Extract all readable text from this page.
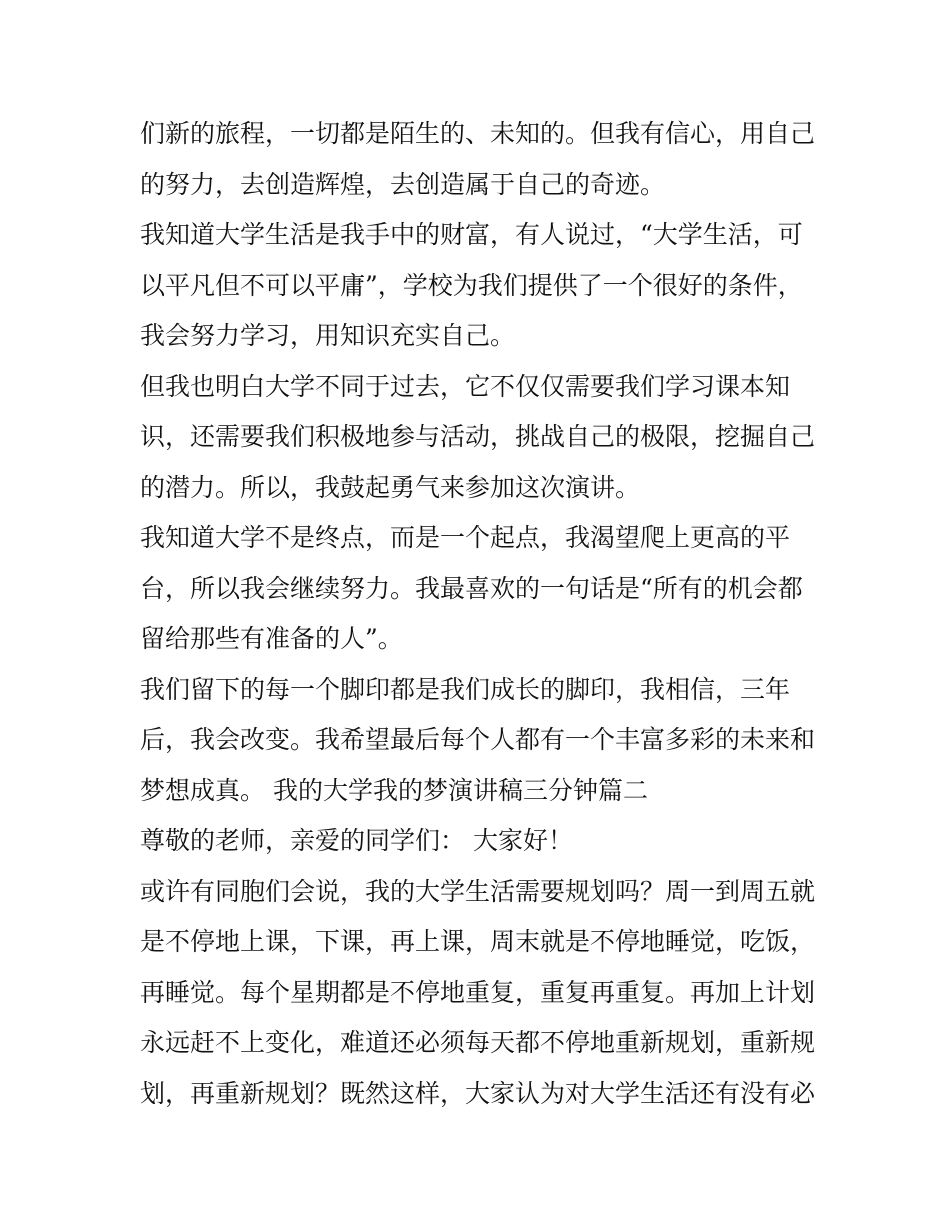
们新的旅程，一切都是陌生的、未知的。但我有信心，用自己
的努力，去创造辉煌，去创造属于自己的奇迹。
我知道大学生活是我手中的财富，有人说过，“大学生活，可
以平凡但不可以平庸”，学校为我们提供了一个很好的条件，
我会努力学习，用知识充实自己。
但我也明白大学不同于过去，它不仅仅需要我们学习课本知
识，还需要我们积极地参与活动，挑战自己的极限，挖掘自己
的潜力。所以，我鼓起勇气来参加这次演讲。
我知道大学不是终点，而是一个起点，我渴望爬上更高的平
台，所以我会继续努力。我最喜欢的一句话是“所有的机会都
留给那些有准备的人”。
我们留下的每一个脚印都是我们成长的脚印，我相信，三年
后，我会改变。我希望最后每个人都有一个丰富多彩的未来和
梦想成真。 我的大学我的梦演讲稿三分钟篇二
尊敬的老师，亲爱的同学们： 大家好！
或许有同胞们会说，我的大学生活需要规划吗？周一到周五就
是不停地上课，下课，再上课，周末就是不停地睡觉，吃饭，
再睡觉。每个星期都是不停地重复，重复再重复。再加上计划
永远赶不上变化，难道还必须每天都不停地重新规划，重新规
划，再重新规划？既然这样，大家认为对大学生活还有没有必
